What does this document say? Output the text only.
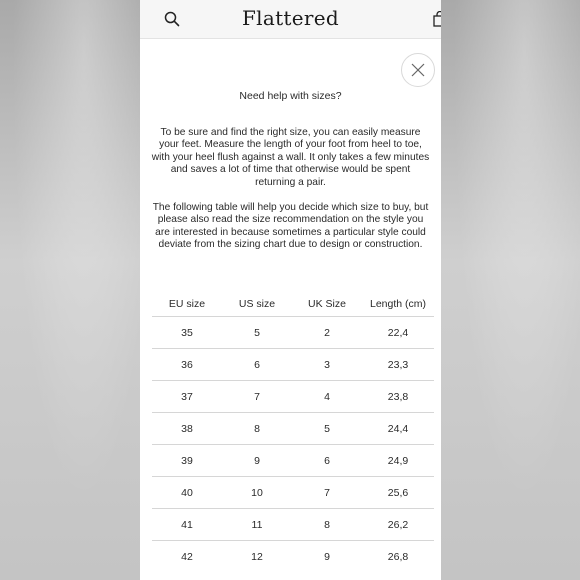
Flattered
Need help with sizes?
To be sure and find the right size, you can easily measure your feet. Measure the length of your foot from heel to toe, with your heel flush against a wall. It only takes a few minutes and saves a lot of time that otherwise would be spent returning a pair.
The following table will help you decide which size to buy, but please also read the size recommendation on the style you are interested in because sometimes a particular style could deviate from the sizing chart due to design or construction.
EU size	US size	UK Size	Length (cm)
35	5	2	22,4
36	6	3	23,3
37	7	4	23,8
38	8	5	24,4
39	9	6	24,9
40	10	7	25,6
41	11	8	26,2
42	12	9	26,8
